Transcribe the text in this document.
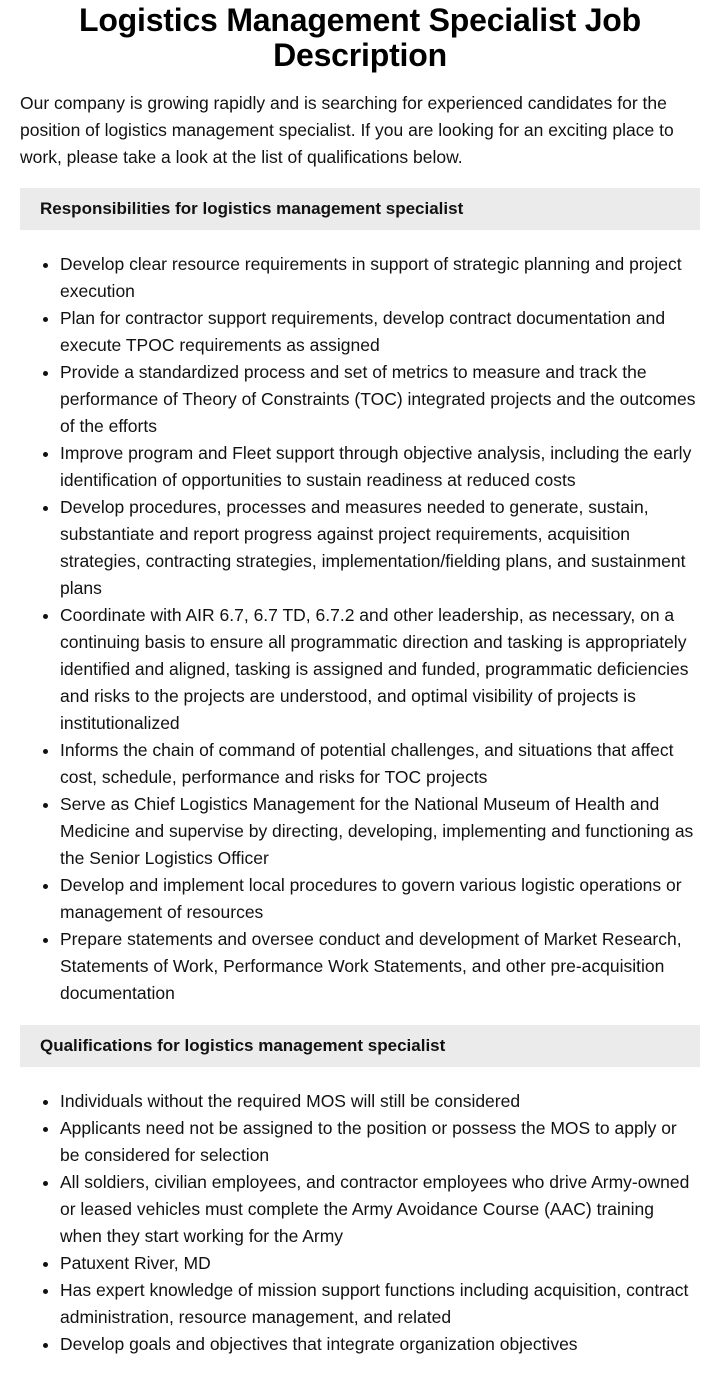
Logistics Management Specialist Job Description

Our company is growing rapidly and is searching for experienced candidates for the position of logistics management specialist. If you are looking for an exciting place to work, please take a look at the list of qualifications below.

Responsibilities for logistics management specialist
Develop clear resource requirements in support of strategic planning and project execution
Plan for contractor support requirements, develop contract documentation and execute TPOC requirements as assigned
Provide a standardized process and set of metrics to measure and track the performance of Theory of Constraints (TOC) integrated projects and the outcomes of the efforts
Improve program and Fleet support through objective analysis, including the early identification of opportunities to sustain readiness at reduced costs
Develop procedures, processes and measures needed to generate, sustain, substantiate and report progress against project requirements, acquisition strategies, contracting strategies, implementation/fielding plans, and sustainment plans
Coordinate with AIR 6.7, 6.7 TD, 6.7.2 and other leadership, as necessary, on a continuing basis to ensure all programmatic direction and tasking is appropriately identified and aligned, tasking is assigned and funded, programmatic deficiencies and risks to the projects are understood, and optimal visibility of projects is institutionalized
Informs the chain of command of potential challenges, and situations that affect cost, schedule, performance and risks for TOC projects
Serve as Chief Logistics Management for the National Museum of Health and Medicine and supervise by directing, developing, implementing and functioning as the Senior Logistics Officer
Develop and implement local procedures to govern various logistic operations or management of resources
Prepare statements and oversee conduct and development of Market Research, Statements of Work, Performance Work Statements, and other pre-acquisition documentation
Qualifications for logistics management specialist
Individuals without the required MOS will still be considered
Applicants need not be assigned to the position or possess the MOS to apply or be considered for selection
All soldiers, civilian employees, and contractor employees who drive Army-owned or leased vehicles must complete the Army Avoidance Course (AAC) training when they start working for the Army
Patuxent River, MD
Has expert knowledge of mission support functions including acquisition, contract administration, resource management, and related
Develop goals and objectives that integrate organization objectives
